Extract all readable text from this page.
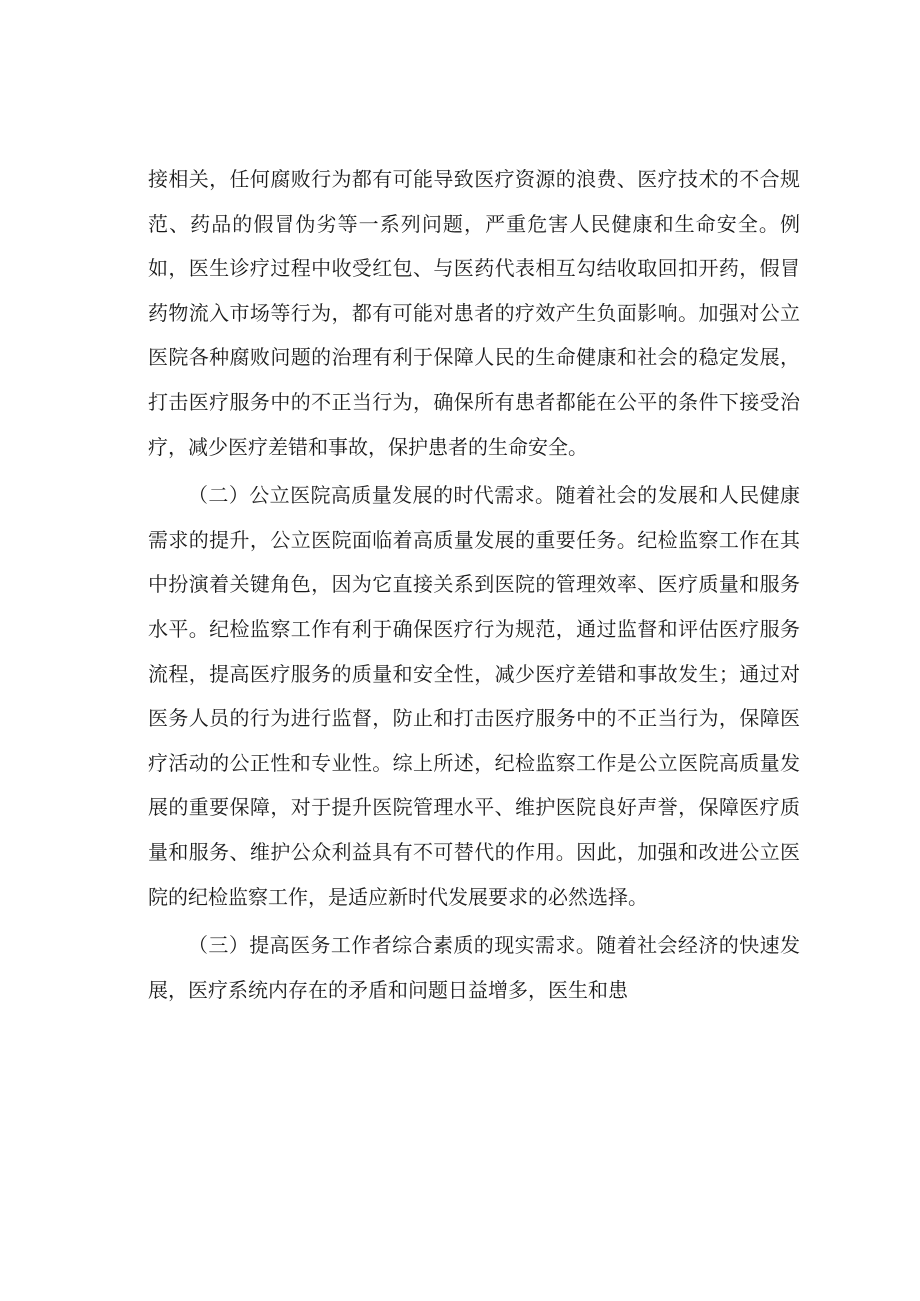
接相关，任何腐败行为都有可能导致医疗资源的浪费、医疗技术的不合规范、药品的假冒伪劣等一系列问题，严重危害人民健康和生命安全。例如，医生诊疗过程中收受红包、与医药代表相互勾结收取回扣开药，假冒药物流入市场等行为，都有可能对患者的疗效产生负面影响。加强对公立医院各种腐败问题的治理有利于保障人民的生命健康和社会的稳定发展，打击医疗服务中的不正当行为，确保所有患者都能在公平的条件下接受治疗，减少医疗差错和事故，保护患者的生命安全。

（二）公立医院高质量发展的时代需求。随着社会的发展和人民健康需求的提升，公立医院面临着高质量发展的重要任务。纪检监察工作在其中扮演着关键角色，因为它直接关系到医院的管理效率、医疗质量和服务水平。纪检监察工作有利于确保医疗行为规范，通过监督和评估医疗服务流程，提高医疗服务的质量和安全性，减少医疗差错和事故发生；通过对医务人员的行为进行监督，防止和打击医疗服务中的不正当行为，保障医疗活动的公正性和专业性。综上所述，纪检监察工作是公立医院高质量发展的重要保障，对于提升医院管理水平、维护医院良好声誉，保障医疗质量和服务、维护公众利益具有不可替代的作用。因此，加强和改进公立医院的纪检监察工作，是适应新时代发展要求的必然选择。

（三）提高医务工作者综合素质的现实需求。随着社会经济的快速发展，医疗系统内存在的矛盾和问题日益增多，医生和患
